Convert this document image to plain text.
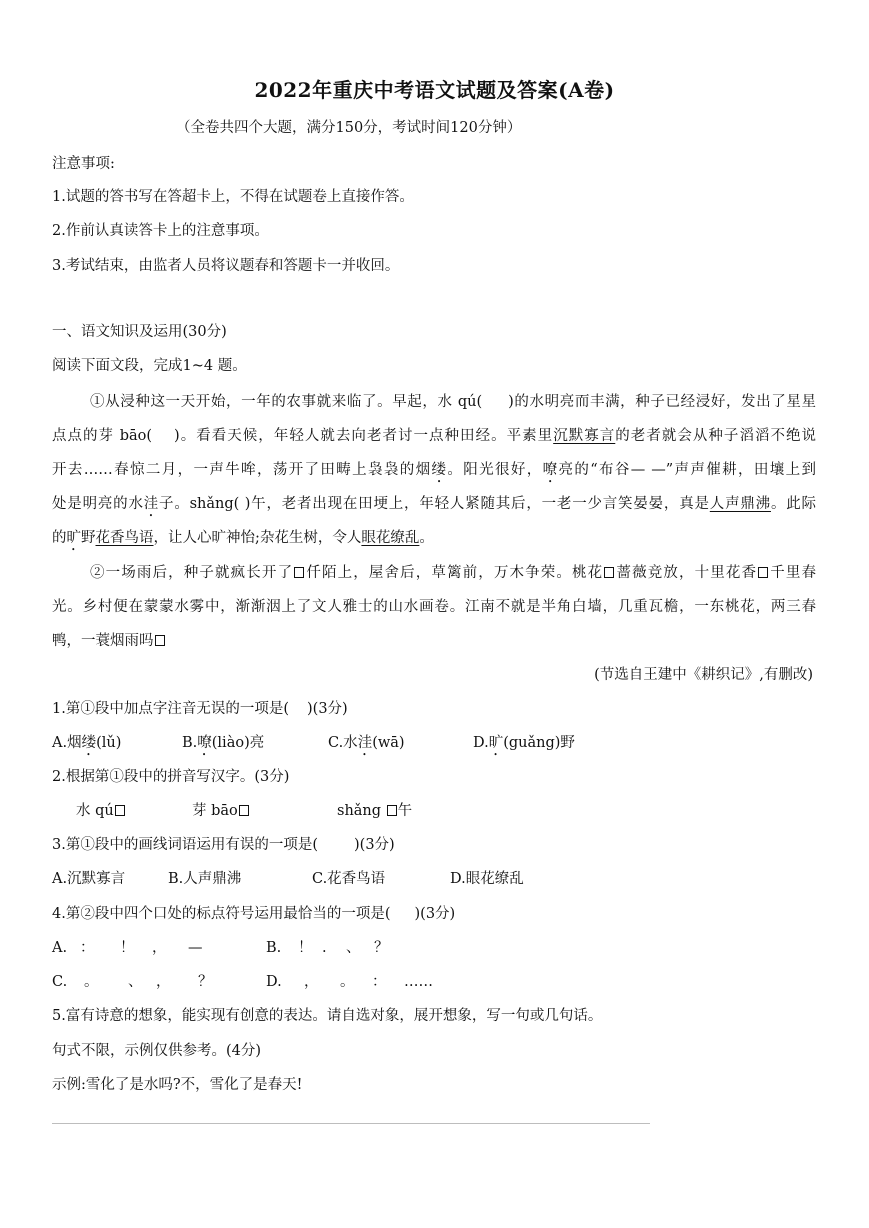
2022年重庆中考语文试题及答案(A卷)
（全卷共四个大题，满分150分，考试时间120分钟）
注意事项:
1.试题的答书写在答超卡上，不得在试题卷上直接作答。
2.作前认真读答卡上的注意事项。
3.考试结束，由监者人员将议题春和答题卡一并收回。
一、语文知识及运用(30分)
阅读下面文段，完成1~4 题。
①从浸种这一天开始，一年的农事就来临了。早起，水 qú( )的水明亮而丰满，种子已经浸好，发出了星星
点点的芽 bāo( )。看看天候，年轻人就去向老者讨一点种田经。平素里沉默寡言的老者就会从种子滔滔不绝说
开去……春惊二月，一声牛哞，荡开了田畴上袅袅的烟缕。阳光很好，嘹亮的“布谷— —”声声催耕，田壤上到
处是明亮的水洼子。shǎng( )午，老者出现在田埂上，年轻人紧随其后，一老一少言笑晏晏，真是人声鼎沸。此际
的旷野花香鸟语，让人心旷神怡;杂花生树，令人眼花缭乱。
②一场雨后，种子就疯长开了 仟陌上，屋舍后，草篱前，万木争荣。桃花 蔷薇竞放，十里花香 千里春
光。乡村便在蒙蒙水雾中，渐渐洇上了文人雅士的山水画卷。江南不就是半角白墙，几重瓦檐，一东桃花，两三春
鸭，一蓑烟雨吗
(节选自王建中《耕织记》,有删改)
1.第①段中加点字注音无误的一项是( )(3分)
A.烟缕(lǔ)	B.嘹(liào)亮	C.水洼(wā)	D.旷(guǎng)野
2.根据第①段中的拼音写汉字。(3分)
水 qú	芽 bāo	shǎng 午
3.第①段中的画线词语运用有误的一项是( )(3分)
A.沉默寡言	B.人声鼎沸	C.花香鸟语	D.眼花缭乱
4.第②段中四个口处的标点符号运用最恰当的一项是( )(3分)
A. ： ！ ， —	B. ！ . 、 ？
C. 。 、 ， ？	D. ， 。 ： ……
5.富有诗意的想象，能实现有创意的表达。请自选对象，展开想象，写一句或几句话。
句式不限，示例仅供参考。(4分)
示例:雪化了是水吗?不，雪化了是春天!
